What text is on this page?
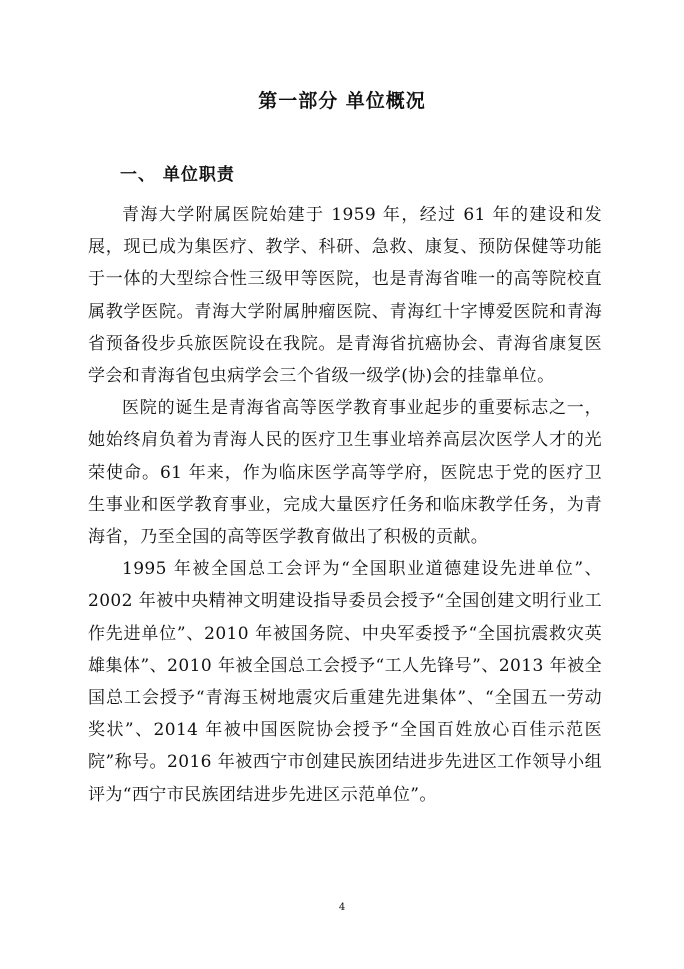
第一部分 单位概况
一、 单位职责

青海大学附属医院始建于 1959 年，经过 61 年的建设和发展，现已成为集医疗、教学、科研、急救、康复、预防保健等功能于一体的大型综合性三级甲等医院，也是青海省唯一的高等院校直属教学医院。青海大学附属肿瘤医院、青海红十字博爱医院和青海省预备役步兵旅医院设在我院。是青海省抗癌协会、青海省康复医学会和青海省包虫病学会三个省级一级学(协)会的挂靠单位。

医院的诞生是青海省高等医学教育事业起步的重要标志之一，她始终肩负着为青海人民的医疗卫生事业培养高层次医学人才的光荣使命。61 年来，作为临床医学高等学府，医院忠于党的医疗卫生事业和医学教育事业，完成大量医疗任务和临床教学任务，为青海省，乃至全国的高等医学教育做出了积极的贡献。

1995 年被全国总工会评为“全国职业道德建设先进单位”、2002 年被中央精神文明建设指导委员会授予“全国创建文明行业工作先进单位”、2010 年被国务院、中央军委授予“全国抗震救灾英雄集体”、2010 年被全国总工会授予“工人先锋号”、2013 年被全国总工会授予“青海玉树地震灾后重建先进集体”、“全国五一劳动奖状”、2014 年被中国医院协会授予“全国百姓放心百佳示范医院”称号。2016 年被西宁市创建民族团结进步先进区工作领导小组评为“西宁市民族团结进步先进区示范单位”。

4
